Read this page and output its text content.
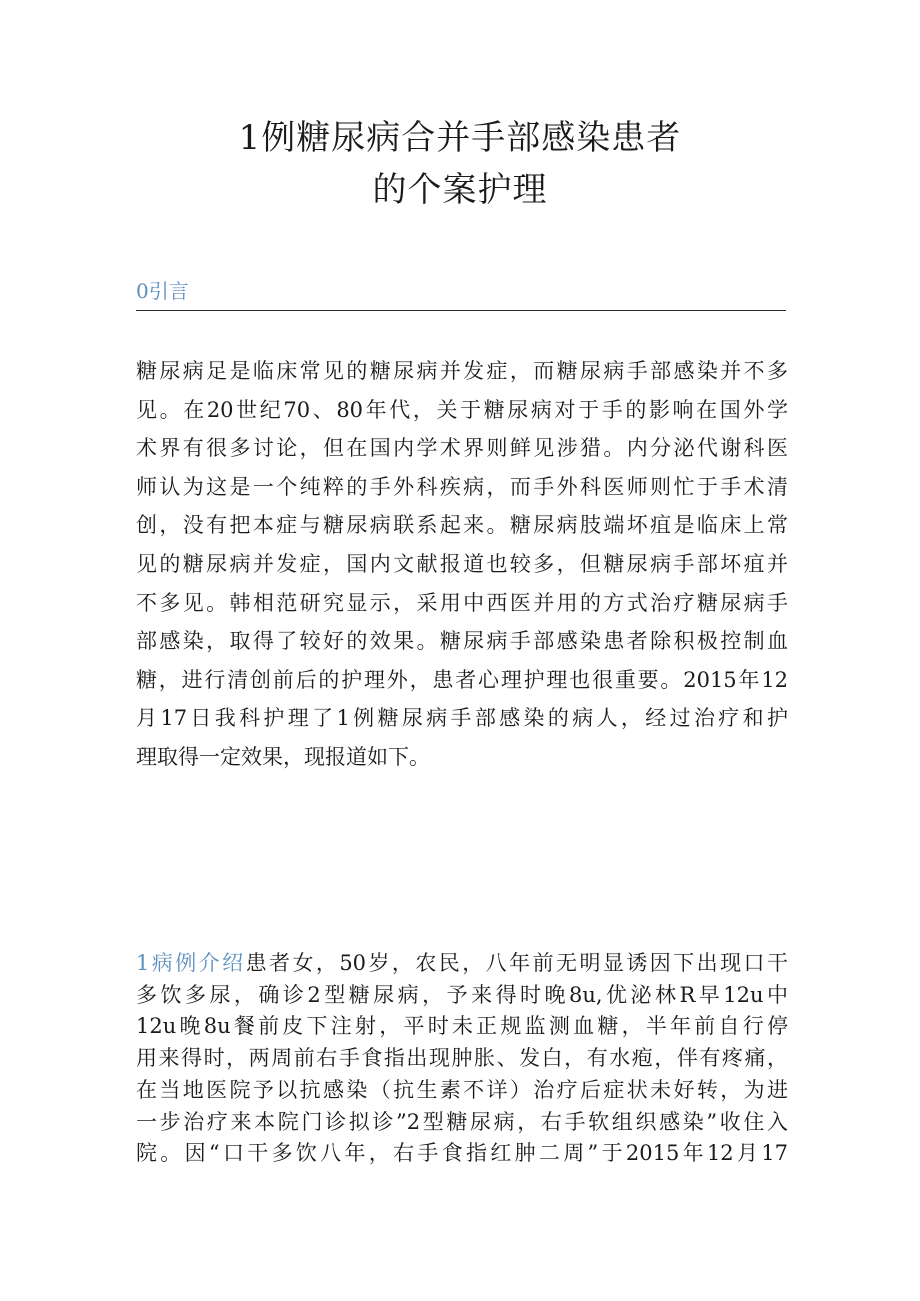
1例糖尿病合并手部感染患者
的个案护理
0引言
糖尿病足是临床常见的糖尿病并发症，而糖尿病手部感染并不多
见。在20世纪70、80年代，关于糖尿病对于手的影响在国外学
术界有很多讨论，但在国内学术界则鲜见涉猎。内分泌代谢科医
师认为这是一个纯粹的手外科疾病，而手外科医师则忙于手术清
创，没有把本症与糖尿病联系起来。糖尿病肢端坏疽是临床上常
见的糖尿病并发症，国内文献报道也较多，但糖尿病手部坏疽并
不多见。韩相范研究显示，采用中西医并用的方式治疗糖尿病手
部感染，取得了较好的效果。糖尿病手部感染患者除积极控制血
糖，进行清创前后的护理外，患者心理护理也很重要。2015年12
月17日我科护理了1例糖尿病手部感染的病人，经过治疗和护
理取得一定效果，现报道如下。
1病例介绍患者女，50岁，农民，八年前无明显诱因下出现口干
多饮多尿，确诊2型糖尿病，予来得时晚8u,优泌林R早12u中
12u晚8u餐前皮下注射，平时未正规监测血糖，半年前自行停
用来得时，两周前右手食指出现肿胀、发白，有水疱，伴有疼痛，
在当地医院予以抗感染（抗生素不详）治疗后症状未好转，为进
一步治疗来本院门诊拟诊”2型糖尿病，右手软组织感染”收住入
院。因“口干多饮八年，右手食指红肿二周”于2015年12月17
